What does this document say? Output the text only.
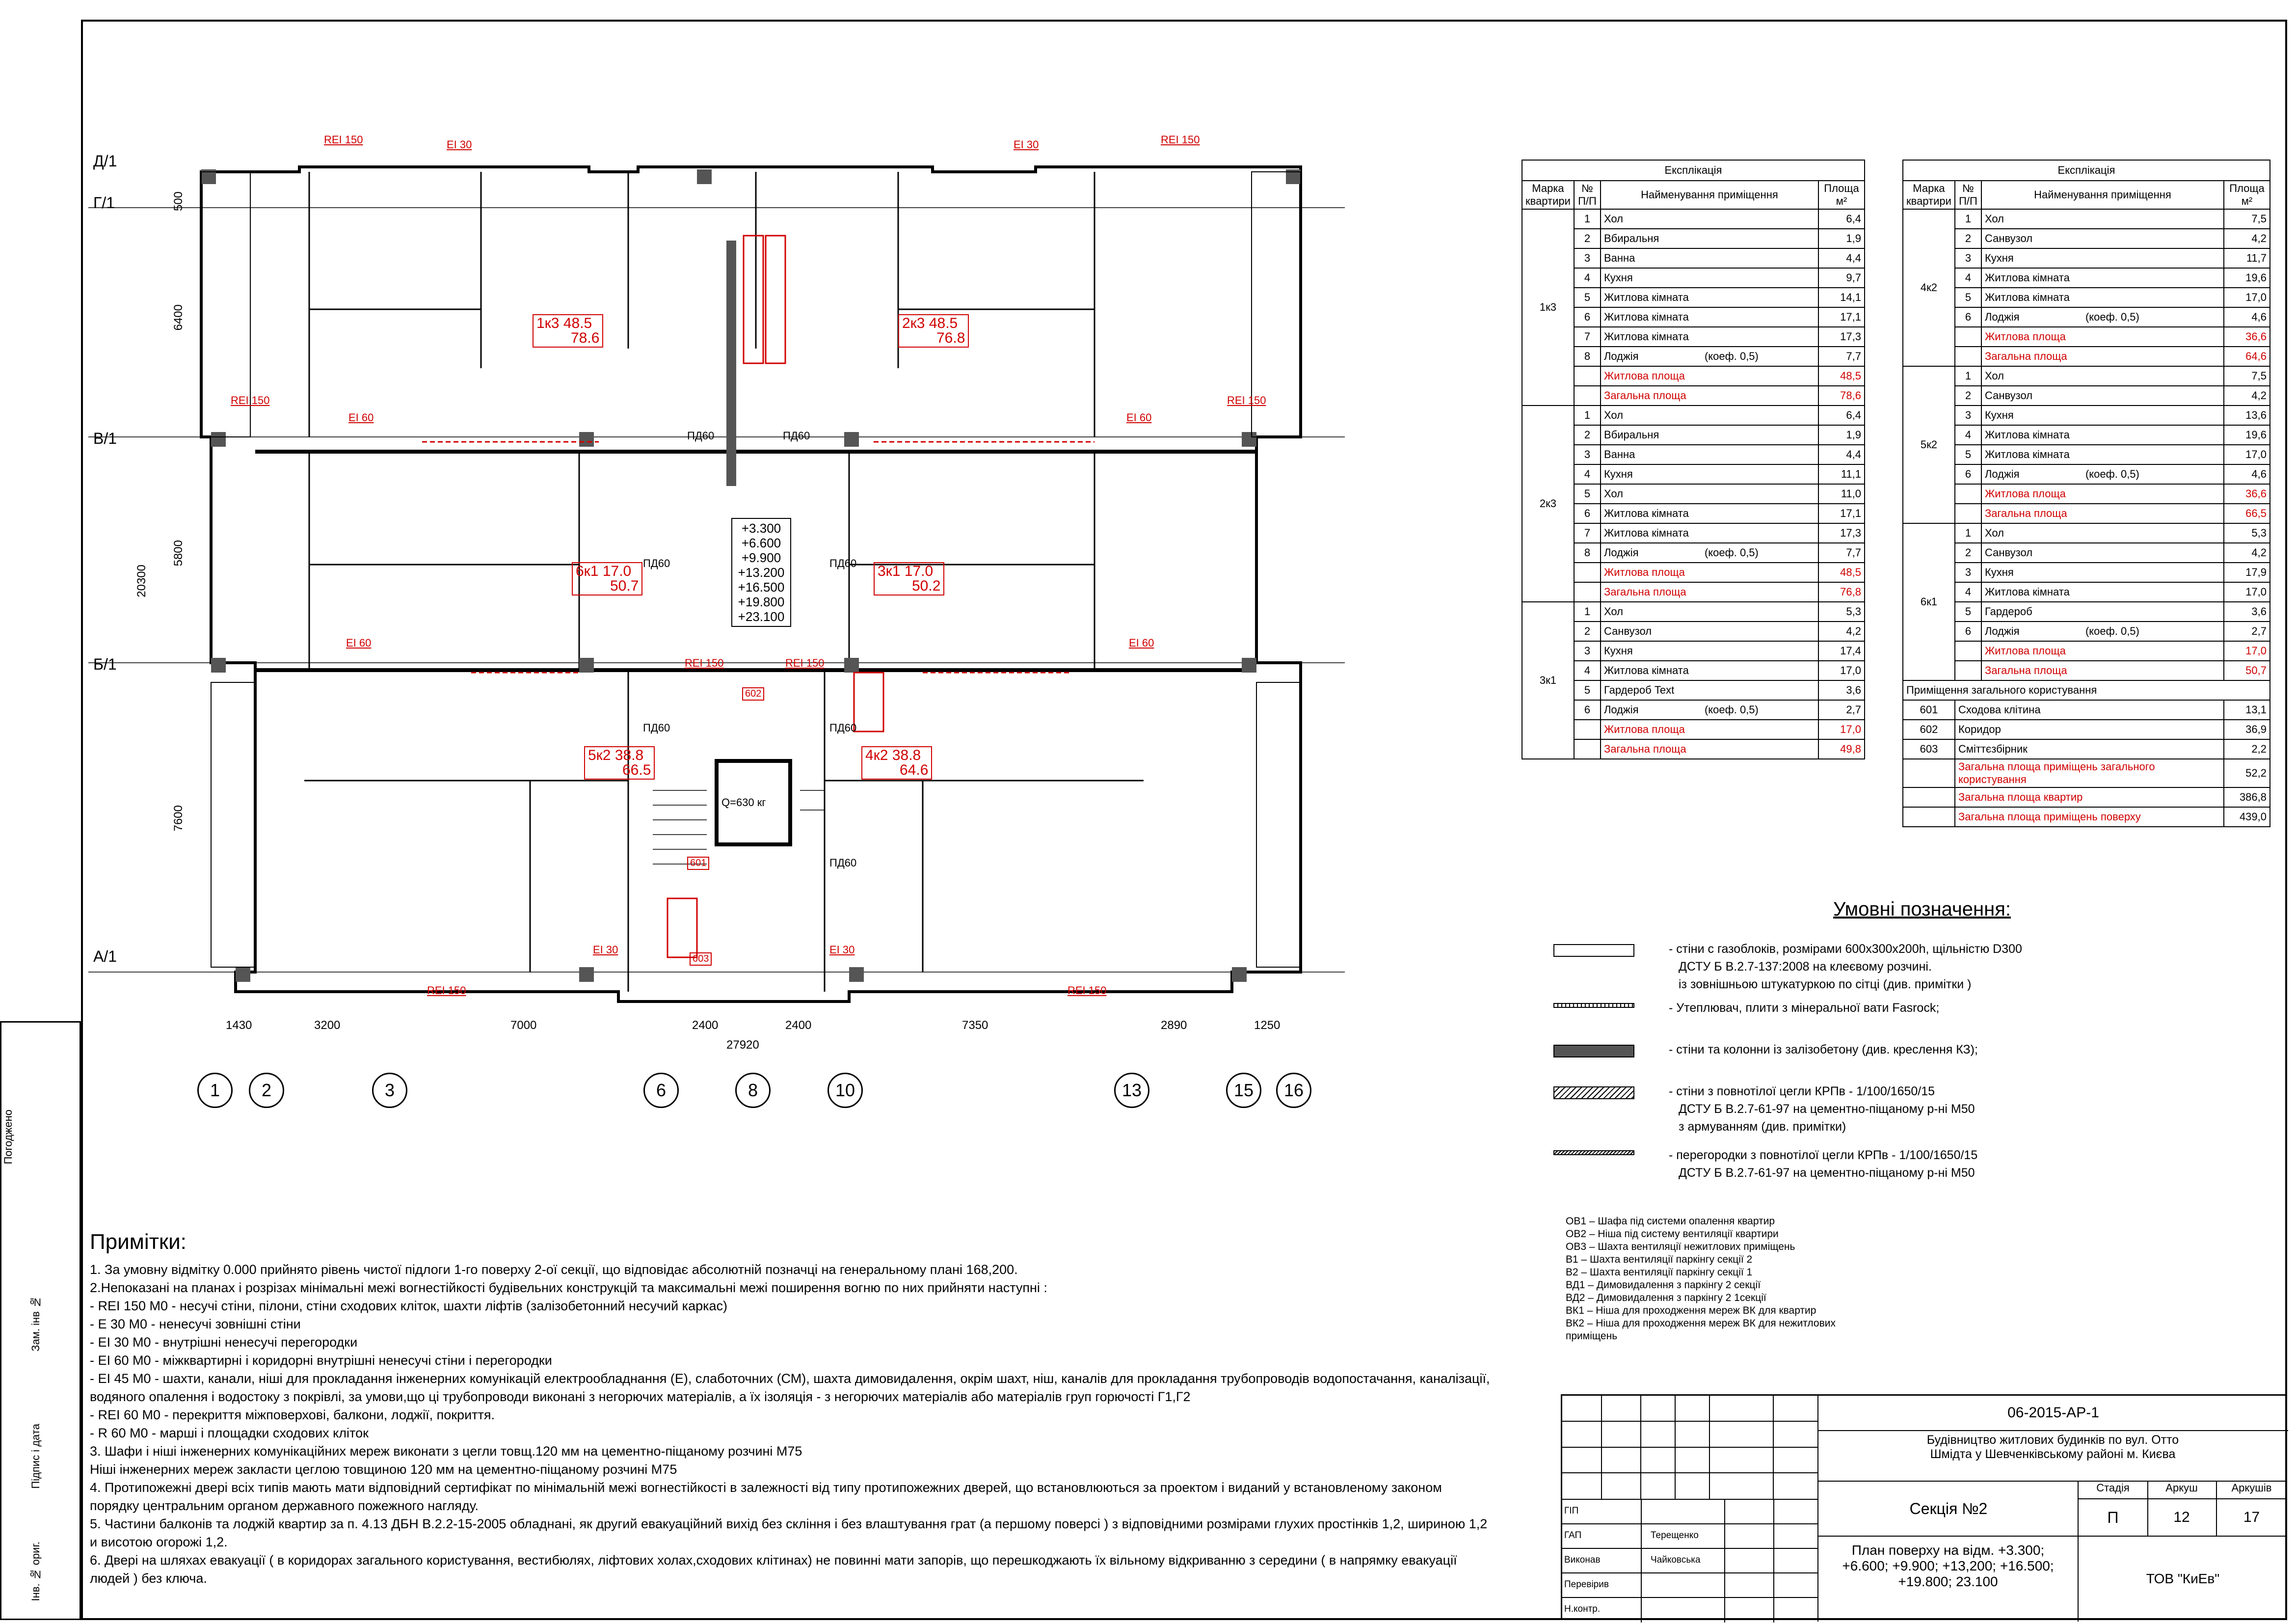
Погоджено
Зам. інв №
Підпис і дата
Інв. № ориг.
1	2	3	6	8	10	13	15	16
Д/1
Г/1
В/1
Б/1
А/1
1430	3200	7000	2400	2400	7350	2890	1250
27920
500
6400
20300
5800
7600
REI 150	EI 30	EI 30	REI 150
REI 150
EI 60
REI 150
EI 60
EI 60	EI 60
REI 150	REI 150
EI 30	EI 30
REI 150	REI 150
ПД60	ПД60
ПД60	ПД60
ПД60	ПД60
ПД60
+3.300
+6.600
+9.900
+13.200
+16.500
+19.800
+23.100
Q=630 кг
601
602
603
1к3 48.5
78.6
2к3 48.5
76.8
6к1 17.0
50.7
3к1 17.0
50.2
5к2 38.8
66.5
4к2 38.8
64.6
Експлікація			
Марка квартири	№ П/П	Найменування приміщення	Площа м²
1к3	1	Хол	6,4
	2	Вбиральня	1,9
	3	Ванна	4,4
	4	Кухня	9,7
	5	Житлова кімната	14,1
	6	Житлова кімната	17,1
	7	Житлова кімната	17,3
	8	Лоджія                      (коеф. 0,5)	7,7
		Житлова площа	48,5
		Загальна площа	78,6
2к3	1	Хол	6,4
	2	Вбиральня	1,9
	3	Ванна	4,4
	4	Кухня	11,1
	5	Хол	11,0
	6	Житлова кімната	17,1
	7	Житлова кімната	17,3
	8	Лоджія                      (коеф. 0,5)	7,7
		Житлова площа	48,5
		Загальна площа	76,8
3к1	1	Хол	5,3
	2	Санвузол	4,2
	3	Кухня	17,4
	4	Житлова кімната	17,0
	5	Гардероб Text	3,6
	6	Лоджія                      (коеф. 0,5)	2,7
		Житлова площа	17,0
		Загальна площа	49,8
Експлікація			
Марка квартири	№ П/П	Найменування приміщення	Площа м²
4к2	1	Хол	7,5
	2	Санвузол	4,2
	3	Кухня	11,7
	4	Житлова кімната	19,6
	5	Житлова кімната	17,0
	6	Лоджія                      (коеф. 0,5)	4,6
		Житлова площа	36,6
		Загальна площа	64,6
5к2	1	Хол	7,5
	2	Санвузол	4,2
	3	Кухня	13,6
	4	Житлова кімната	19,6
	5	Житлова кімната	17,0
	6	Лоджія                      (коеф. 0,5)	4,6
		Житлова площа	36,6
		Загальна площа	66,5
6к1	1	Хол	5,3
	2	Санвузол	4,2
	3	Кухня	17,9
	4	Житлова кімната	17,0
	5	Гардероб	3,6
	6	Лоджія                      (коеф. 0,5)	2,7
		Житлова площа	17,0
		Загальна площа	50,7
Приміщення загального користування			
601	Сходова клітина		13,1
602	Коридор		36,9
603	Сміттєзбірник		2,2
	Загальна площа приміщень загального користування		52,2
	Загальна площа квартир		386,8
	Загальна площа приміщень поверху		439,0
Умовні позначення:
- стіни с газоблоків, розмірами 600х300х200h, щільністю D300
ДСТУ Б В.2.7-137:2008 на клеєвому розчині.
із зовнішньою штукатуркою по сітці (див. примітки )
- Утеплювач, плити з мінеральної вати Fasrock;
- стіни та колонни із залізобетону (див. креслення КЗ);
- стіни з повнотілої цегли КРПв - 1/100/1650/15
ДСТУ Б В.2.7-61-97 на цементно-піщаному р-ні М50
з армуванням (див. примітки)
- перегородки з повнотілої цегли КРПв - 1/100/1650/15
ДСТУ Б В.2.7-61-97 на цементно-піщаному р-ні М50
ОВ1 – Шафа під системи опалення квартир
ОВ2 – Ніша під систему вентиляції квартири
ОВ3 – Шахта вентиляції нежитлових приміщень
В1 – Шахта вентиляції паркінгу секції 2
В2 – Шахта вентиляції паркінгу секції 1
ВД1 – Димовидалення з паркінгу 2 секції
ВД2 – Димовидалення з паркінгу 2 1секції
ВК1 – Ніша для проходження мереж ВК для квартир
ВК2 – Ніша для проходження мереж ВК для нежитлових
приміщень
Примітки:
1. За умовну відмітку 0.000 прийнято рівень чистої підлоги 1-го поверху 2-ої секції, що відповідає абсолютній позначці на генеральному плані 168,200.
2.Непоказані на планах і розрізах мінімальні межі вогнестійкості будівельних конструкцій та максимальні межі поширення вогню по них прийняти наступні :
- REI 150 М0 - несучі стіни, пілони, стіни сходових кліток, шахти ліфтів (залізобетонний несучий каркас)
- E 30 M0 - ненесучі зовнішні стіни
- EI 30 M0 - внутрішні ненесучі перегородки
- EI 60 M0 - міжквартирні і коридорні внутрішні ненесучі стіни і перегородки
- EI 45 M0 - шахти, канали, ніші для прокладання інженерних комунікацій електрообладнання (Е), слаботочних (СМ), шахта димовидалення, окрім шахт, ніш, каналів для прокладання трубопроводів водопостачання, каналізації,
водяного опалення і водостоку з покрівлі, за умови,що ці трубопроводи виконані з негорючих матеріалів, а їх ізоляція - з негорючих матеріалів або матеріалів груп горючості Г1,Г2
- REI 60 M0 - перекриття міжповерхові, балкони, лоджії, покриття.
- R 60 M0 - марші і площадки сходових кліток
3. Шафи і ніші інженерних комунікаційних мереж виконати з цегли товщ.120 мм на цементно-піщаному розчині М75
Ніші інженерних мереж закласти цеглою товщиною 120 мм на цементно-піщаному розчині М75
4. Протипожежні двері всіх типів мають мати відповідний сертифікат по мінімальній межі вогнестійкості в залежності від типу протипожежних дверей, що встановлюються за проектом і виданий у встановленому законом
порядку центральним органом державного пожежного нагляду.
5. Частини балконів та лоджій квартир за п. 4.13 ДБН В.2.2-15-2005 обладнані, як другий евакуаційний вихід без скління і без влаштування грат (а першому поверсі ) з відповідними розмірами глухих простінків 1,2, шириною 1,2
и висотою огорожі 1,2.
6. Двері на шляхах евакуації ( в коридорах загального користування, вестибюлях, ліфтових холах,сходових клітинах) не повинні мати запорів, що перешкоджають їх вільному відкриванню з середини ( в напрямку евакуації
людей ) без ключа.
06-2015-АР-1
Будівництво житлових будинків по вул. Отто Шмідта у Шевченківському районі м. Києва
Секція №2
План поверху на відм. +3.300; +6.600; +9.900; +13,200; +16.500; +19.800; 23.100
Стадія	Аркуш	Аркушів
П	12	17
ТОВ "КиЕв"
ГІП
ГАП	Терещенко
Виконав	Чайковська
Перевірив
Н.контр.
